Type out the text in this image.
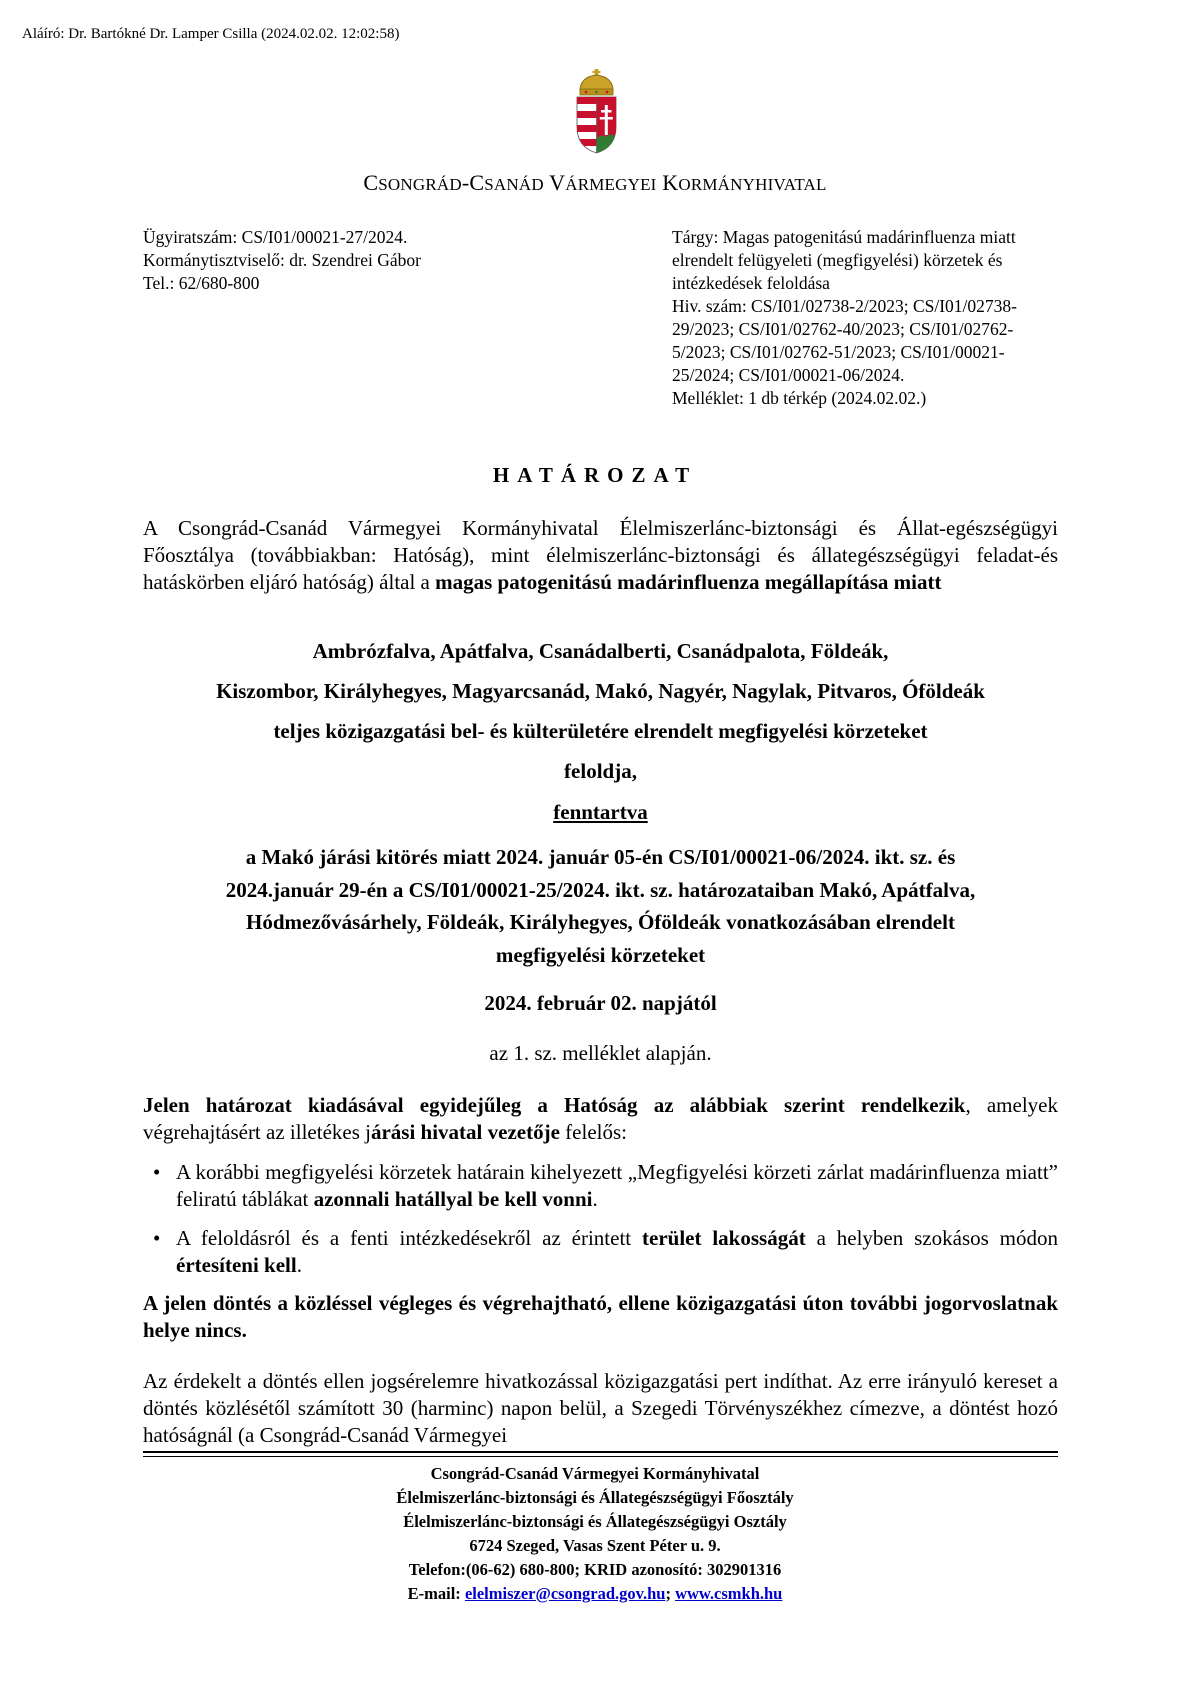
Aláíró: Dr. Bartókné Dr. Lamper Csilla (2024.02.02. 12:02:58)
CSONGRÁD-CSANÁD VÁRMEGYEI KORMÁNYHIVATAL
Ügyiratszám: CS/I01/00021-27/2024.
Kormánytisztviselő: dr. Szendrei Gábor
Tel.: 62/680-800
Tárgy: Magas patogenitású madárinfluenza miatt
elrendelt felügyeleti (megfigyelési) körzetek és
intézkedések feloldása
Hiv. szám: CS/I01/02738-2/2023; CS/I01/02738-
29/2023; CS/I01/02762-40/2023; CS/I01/02762-
5/2023; CS/I01/02762-51/2023; CS/I01/00021-
25/2024; CS/I01/00021-06/2024.
Melléklet: 1 db térkép (2024.02.02.)
HATÁROZAT
A Csongrád-Csanád Vármegyei Kormányhivatal Élelmiszerlánc-biztonsági és Állat-egészségügyi Főosztálya (továbbiakban: Hatóság), mint élelmiszerlánc-biztonsági és állategészségügyi feladat-és hatáskörben eljáró hatóság) által a magas patogenitású madárinfluenza megállapítása miatt
Ambrózfalva, Apátfalva, Csanádalberti, Csanádpalota, Földeák,
Kiszombor, Királyhegyes, Magyarcsanád, Makó, Nagyér, Nagylak, Pitvaros, Óföldeák
teljes közigazgatási bel- és külterületére elrendelt megfigyelési körzeteket
feloldja,
fenntartva
a Makó járási kitörés miatt 2024. január 05-én CS/I01/00021-06/2024. ikt. sz. és
2024.január 29-én a CS/I01/00021-25/2024. ikt. sz. határozataiban Makó, Apátfalva,
Hódmezővásárhely, Földeák, Királyhegyes, Óföldeák vonatkozásában elrendelt
megfigyelési körzeteket
2024. február 02. napjától
az 1. sz. melléklet alapján.
Jelen határozat kiadásával egyidejűleg a Hatóság az alábbiak szerint rendelkezik, amelyek végrehajtásért az illetékes járási hivatal vezetője felelős:
• A korábbi megfigyelési körzetek határain kihelyezett „Megfigyelési körzeti zárlat madárinfluenza miatt” feliratú táblákat azonnali hatállyal be kell vonni.
• A feloldásról és a fenti intézkedésekről az érintett terület lakosságát a helyben szokásos módon értesíteni kell.
A jelen döntés a közléssel végleges és végrehajtható, ellene közigazgatási úton további jogorvoslatnak helye nincs.
Az érdekelt a döntés ellen jogsérelemre hivatkozással közigazgatási pert indíthat. Az erre irányuló kereset a döntés közlésétől számított 30 (harminc) napon belül, a Szegedi Törvényszékhez címezve, a döntést hozó hatóságnál (a Csongrád-Csanád Vármegyei
Csongrád-Csanád Vármegyei Kormányhivatal
Élelmiszerlánc-biztonsági és Állategészségügyi Főosztály
Élelmiszerlánc-biztonsági és Állategészségügyi Osztály
6724 Szeged, Vasas Szent Péter u. 9.
Telefon:(06-62) 680-800; KRID azonosító: 302901316
E-mail: elelmiszer@csongrad.gov.hu; www.csmkh.hu
